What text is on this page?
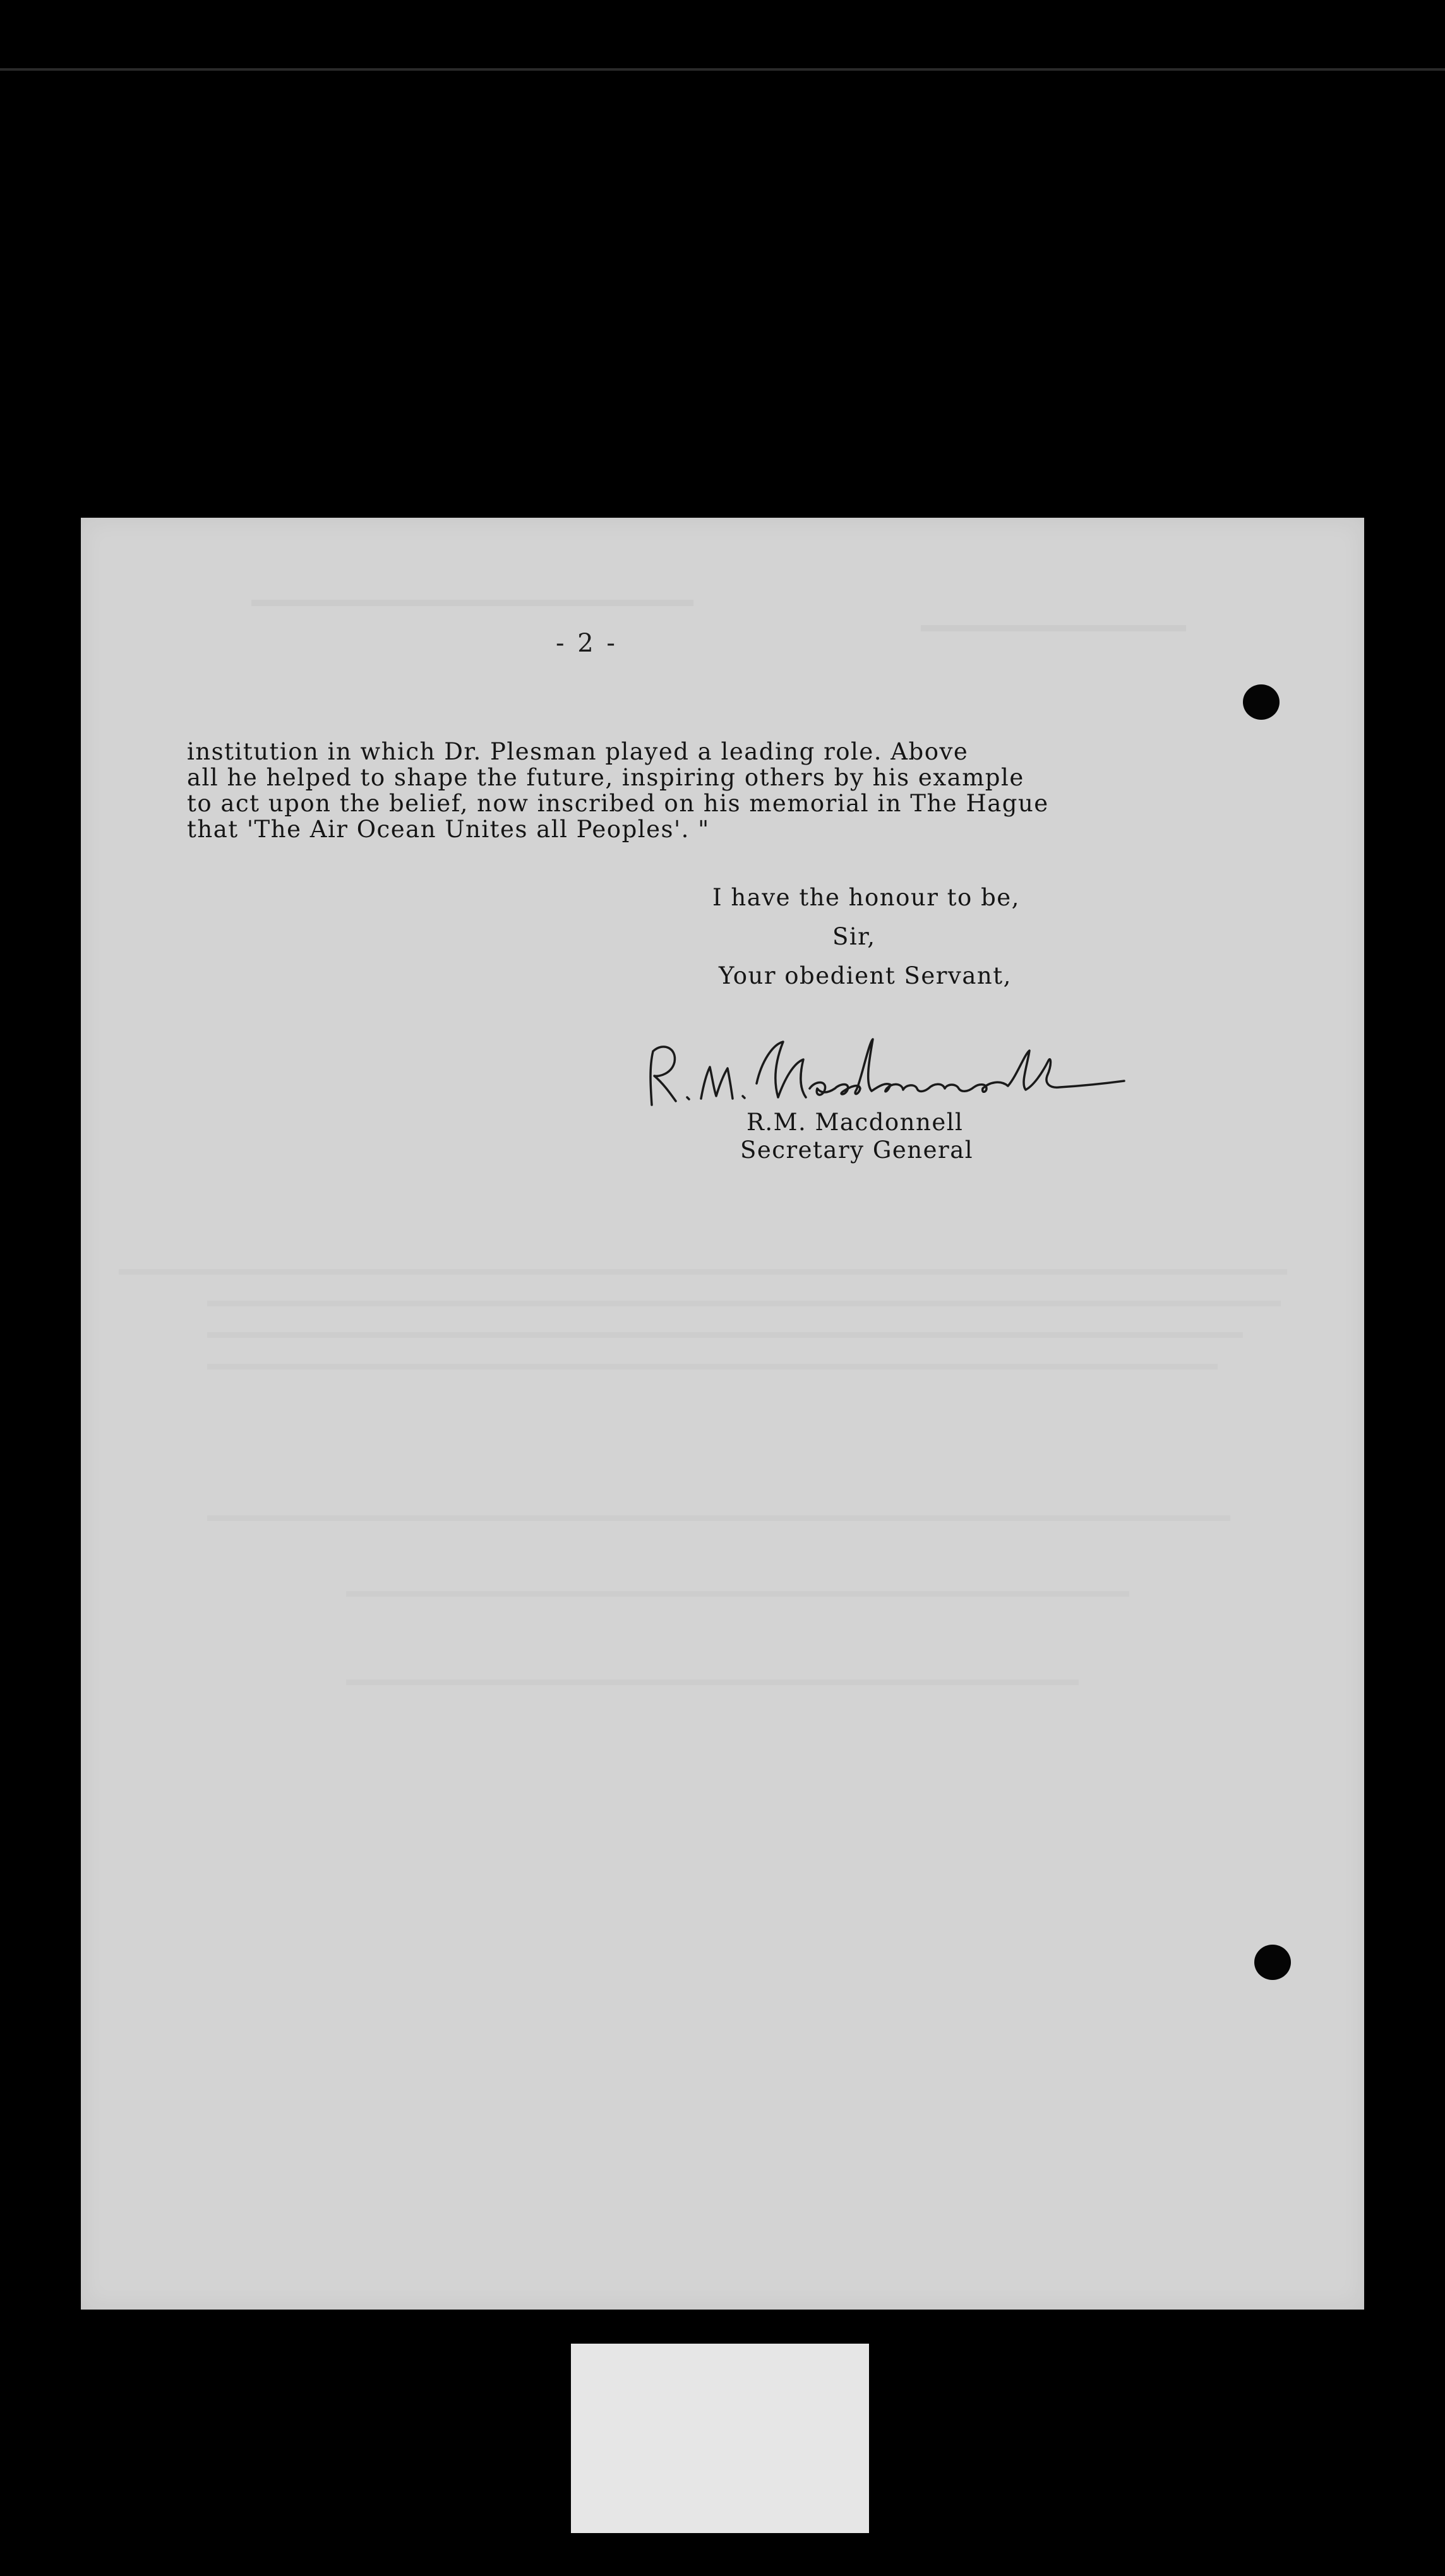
- 2 -
institution in which Dr. Plesman played a leading role. Above
all he helped to shape the future, inspiring others by his example
to act upon the belief, now inscribed on his memorial in The Hague
that 'The Air Ocean Unites all Peoples'. "
I have the honour to be,
Sir,
Your obedient Servant,
R.M. Macdonnell
Secretary General
